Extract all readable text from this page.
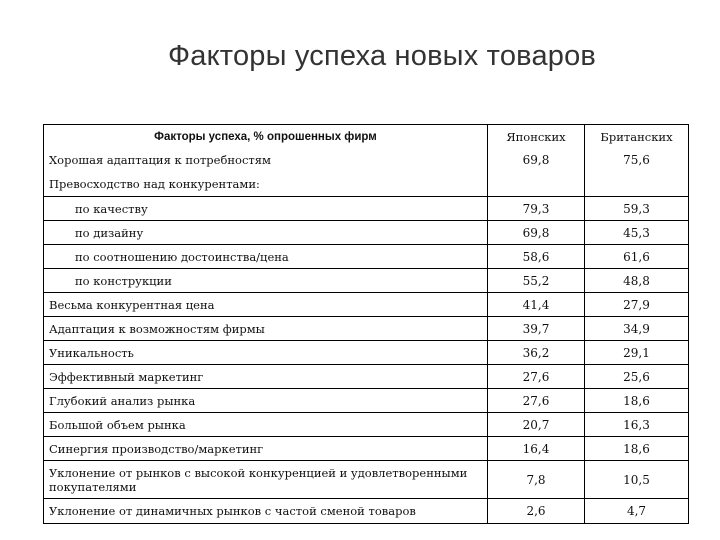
Факторы успеха новых товаров
Факторы успеха, % опрошенных фирм	Японских	Британских
Хорошая адаптация к потребностям	69,8	75,6
Превосходство над конкурентами:
по качеству	79,3	59,3
по дизайну	69,8	45,3
по соотношению достоинства/цена	58,6	61,6
по конструкции	55,2	48,8
Весьма конкурентная цена	41,4	27,9
Адаптация к возможностям фирмы	39,7	34,9
Уникальность	36,2	29,1
Эффективный маркетинг	27,6	25,6
Глубокий анализ рынка	27,6	18,6
Большой объем рынка	20,7	16,3
Синергия производство/маркетинг	16,4	18,6
Уклонение от рынков с высокой конкуренцией и удовлетворенными покупателями	7,8	10,5
Уклонение от динамичных рынков с частой сменой товаров	2,6	4,7
